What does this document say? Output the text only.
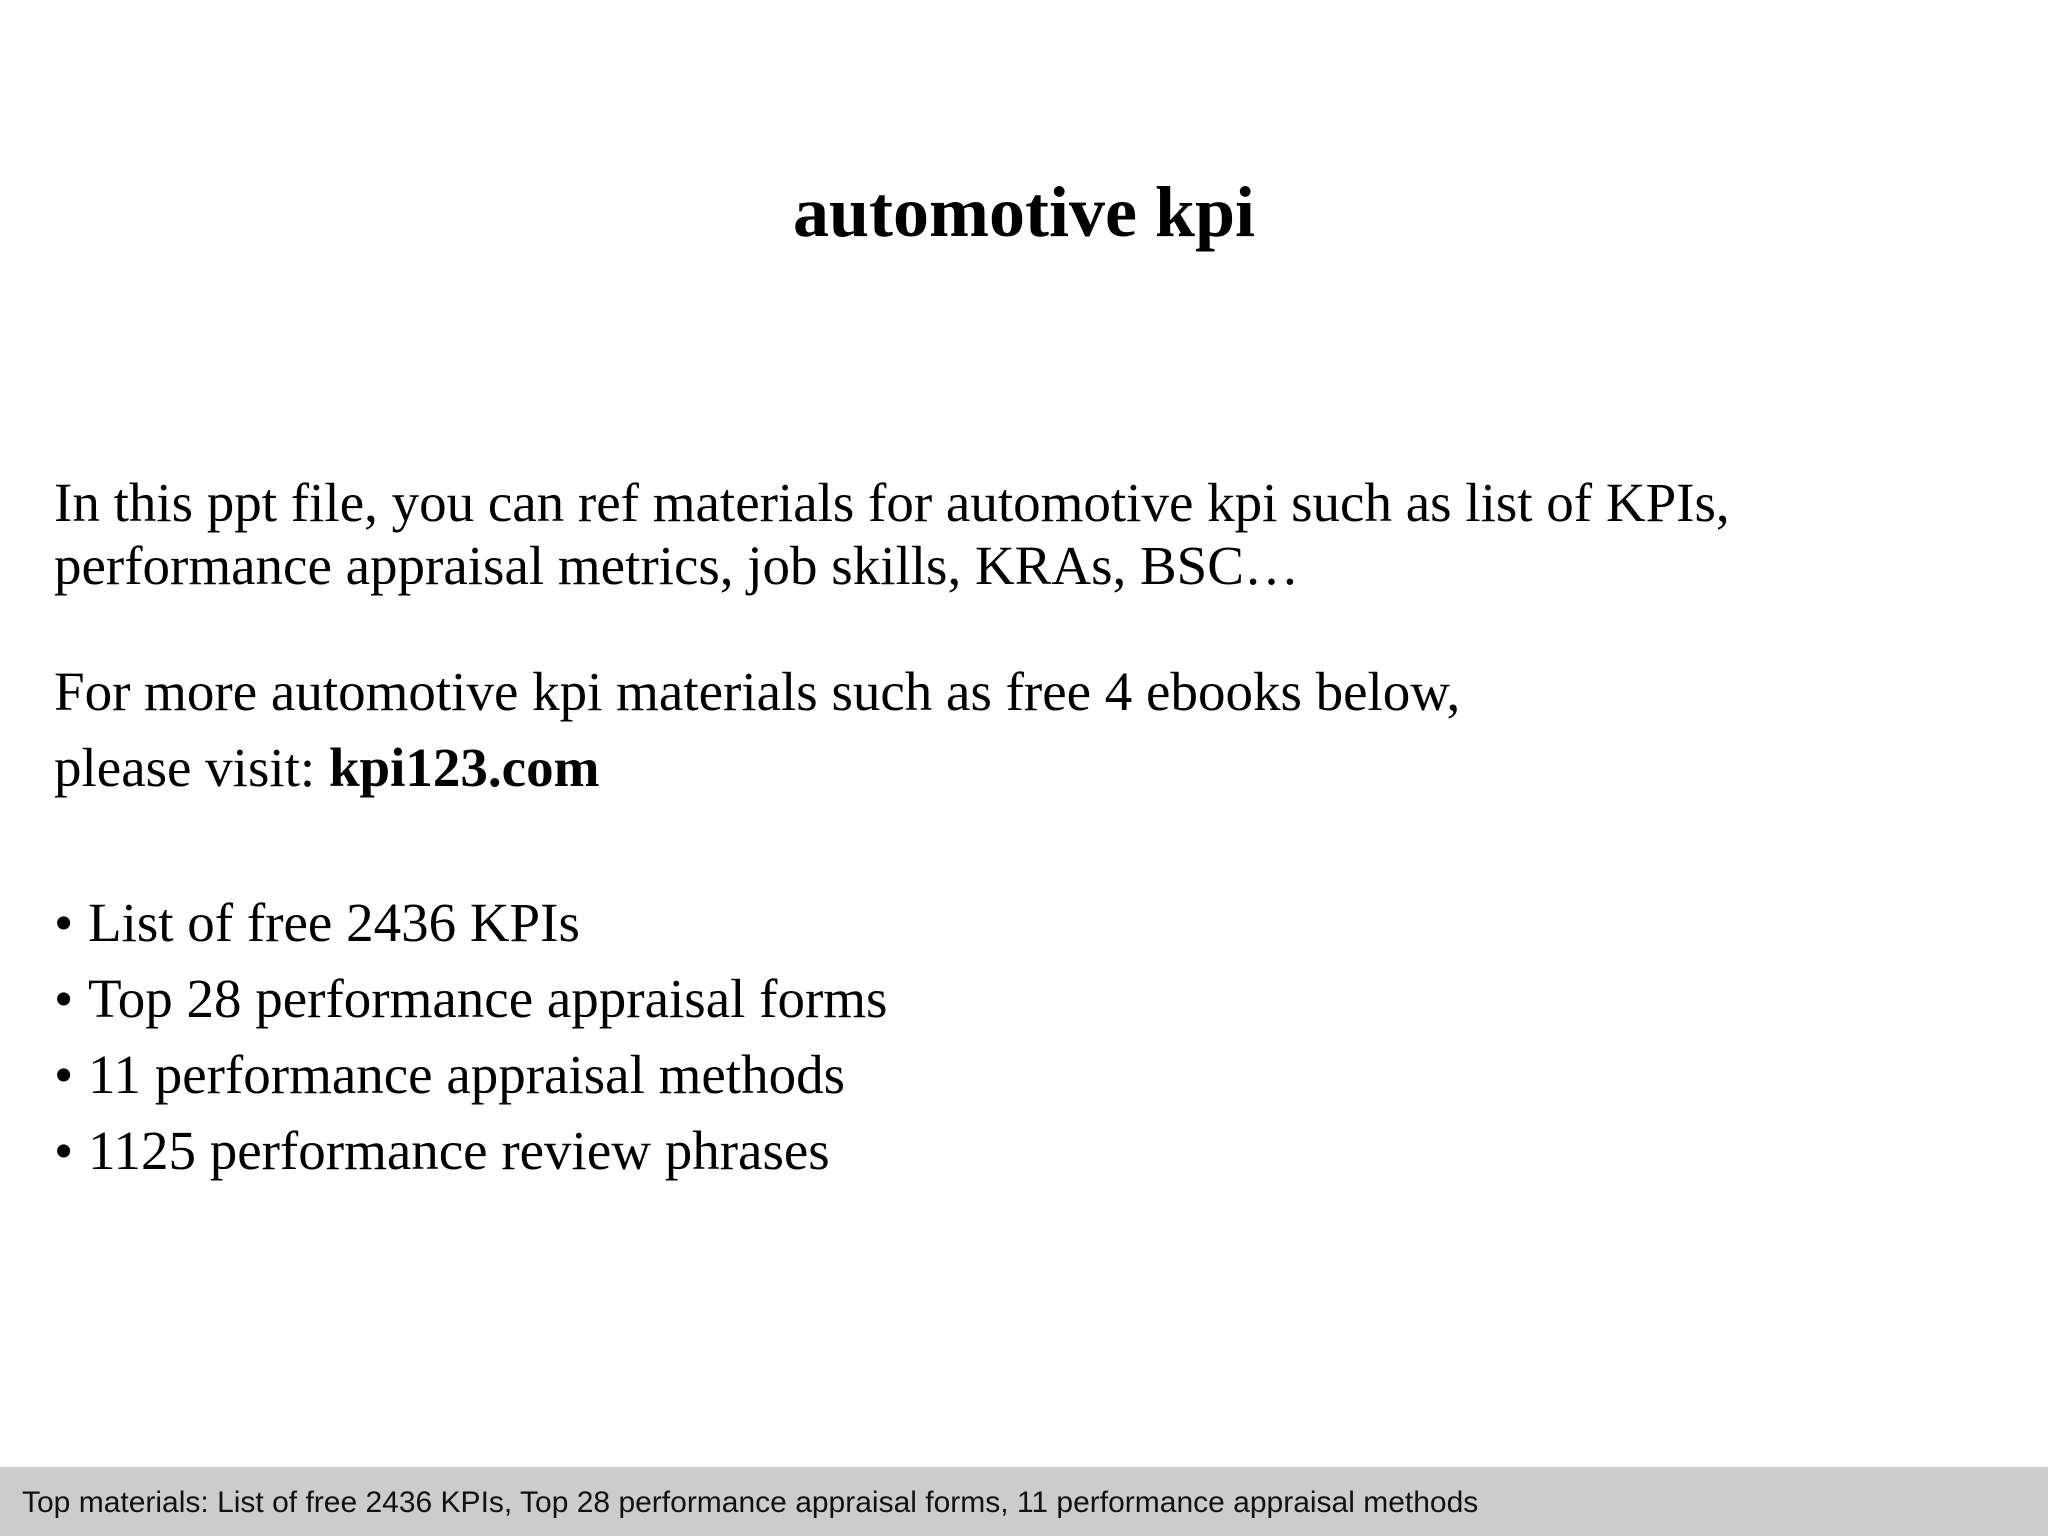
automotive kpi
In this ppt file, you can ref materials for automotive kpi such as list of KPIs,
performance appraisal metrics, job skills, KRAs, BSC…
For more automotive kpi materials such as free 4 ebooks below,
please visit: kpi123.com
• List of free 2436 KPIs
• Top 28 performance appraisal forms
• 11 performance appraisal methods
• 1125 performance review phrases
Top materials: List of free 2436 KPIs, Top 28 performance appraisal forms, 11 performance appraisal methods
